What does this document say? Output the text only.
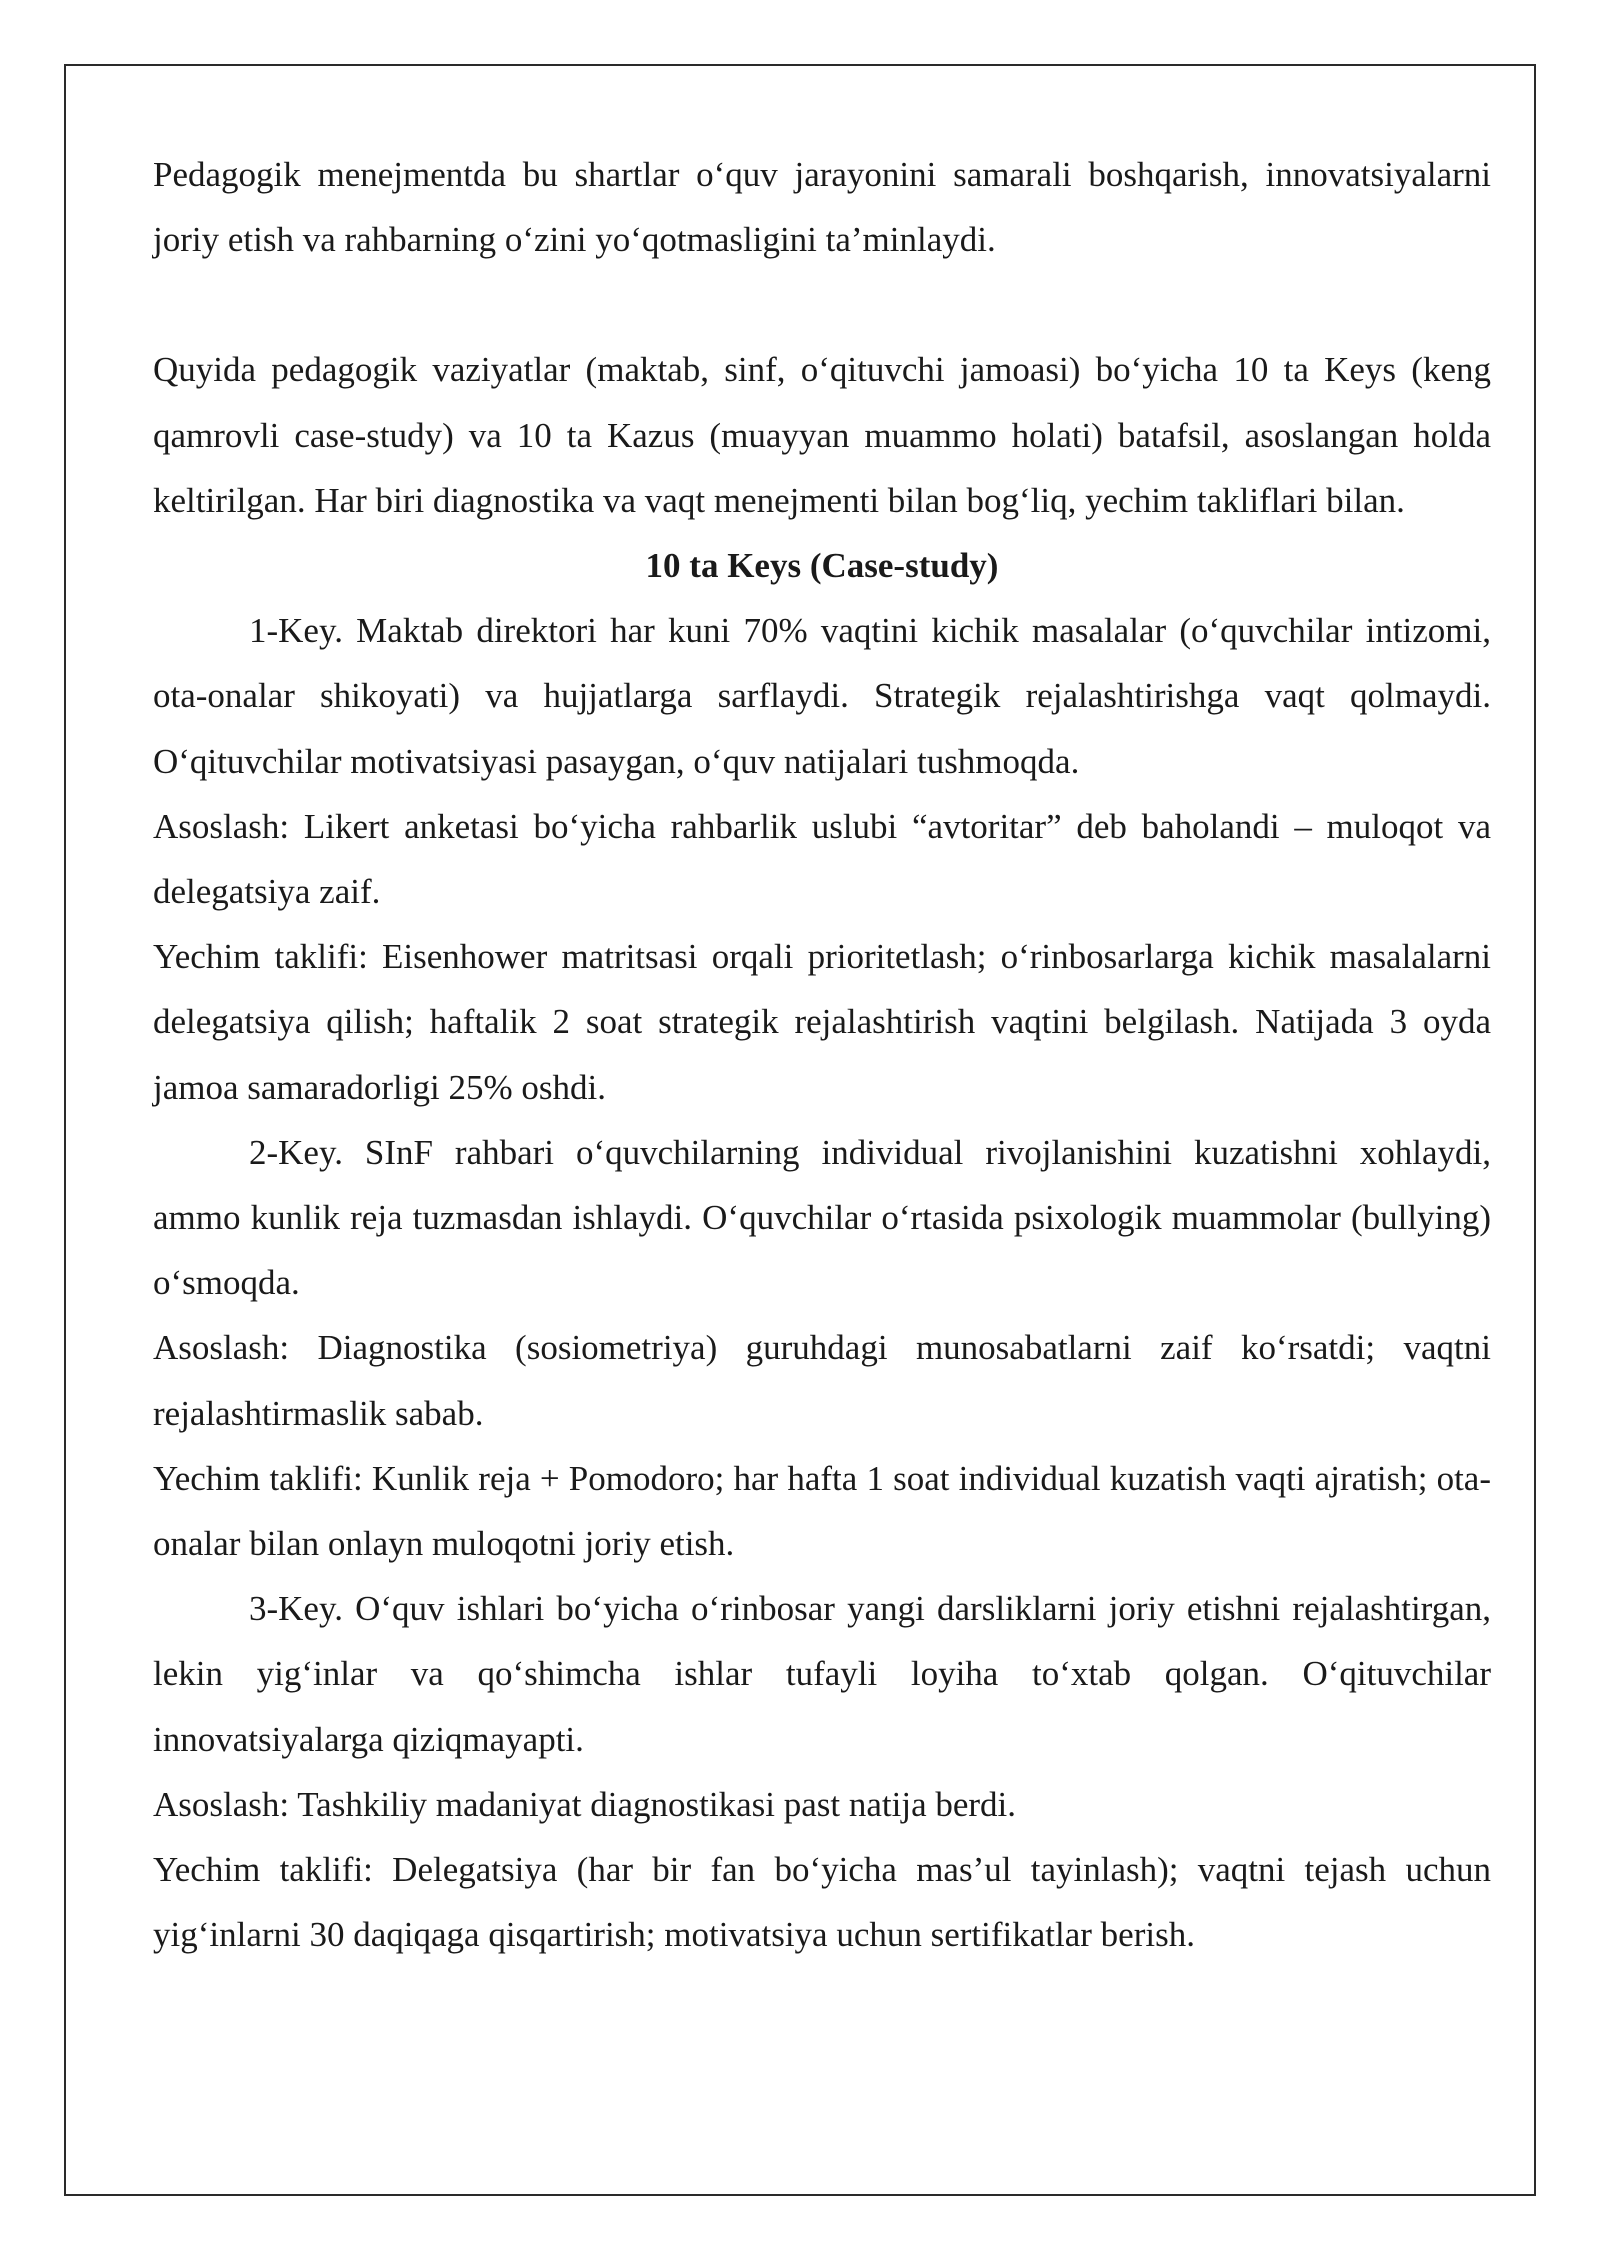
Pedagogik menejmentda bu shartlar o‘quv jarayonini samarali boshqarish, innovatsiyalarni joriy etish va rahbarning o‘zini yo‘qotmasligini ta’minlaydi.

Quyida pedagogik vaziyatlar (maktab, sinf, o‘qituvchi jamoasi) bo‘yicha 10 ta Keys (keng qamrovli case-study) va 10 ta Kazus (muayyan muammo holati) batafsil, asoslangan holda keltirilgan. Har biri diagnostika va vaqt menejmenti bilan bog‘liq, yechim takliflari bilan.

10 ta Keys (Case-study)

1-Key. Maktab direktori har kuni 70% vaqtini kichik masalalar (o‘quvchilar intizomi, ota-onalar shikoyati) va hujjatlarga sarflaydi. Strategik rejalashtirishga vaqt qolmaydi. O‘qituvchilar motivatsiyasi pasaygan, o‘quv natijalari tushmoqda.

Asoslash: Likert anketasi bo‘yicha rahbarlik uslubi “avtoritar” deb baholandi – muloqot va delegatsiya zaif.

Yechim taklifi: Eisenhower matritsasi orqali prioritetlash; o‘rinbosarlarga kichik masalalarni delegatsiya qilish; haftalik 2 soat strategik rejalashtirish vaqtini belgilash. Natijada 3 oyda jamoa samaradorligi 25% oshdi.

2-Key. SInF rahbari o‘quvchilarning individual rivojlanishini kuzatishni xohlaydi, ammo kunlik reja tuzmasdan ishlaydi. O‘quvchilar o‘rtasida psixologik muammolar (bullying) o‘smoqda.

Asoslash: Diagnostika (sosiometriya) guruhdagi munosabatlarni zaif ko‘rsatdi; vaqtni rejalashtirmaslik sabab.

Yechim taklifi: Kunlik reja + Pomodoro; har hafta 1 soat individual kuzatish vaqti ajratish; ota-onalar bilan onlayn muloqotni joriy etish.

3-Key. O‘quv ishlari bo‘yicha o‘rinbosar yangi darsliklarni joriy etishni rejalashtirgan, lekin yig‘inlar va qo‘shimcha ishlar tufayli loyiha to‘xtab qolgan. O‘qituvchilar innovatsiyalarga qiziqmayapti.

Asoslash: Tashkiliy madaniyat diagnostikasi past natija berdi.

Yechim taklifi: Delegatsiya (har bir fan bo‘yicha mas’ul tayinlash); vaqtni tejash uchun yig‘inlarni 30 daqiqaga qisqartirish; motivatsiya uchun sertifikatlar berish.
